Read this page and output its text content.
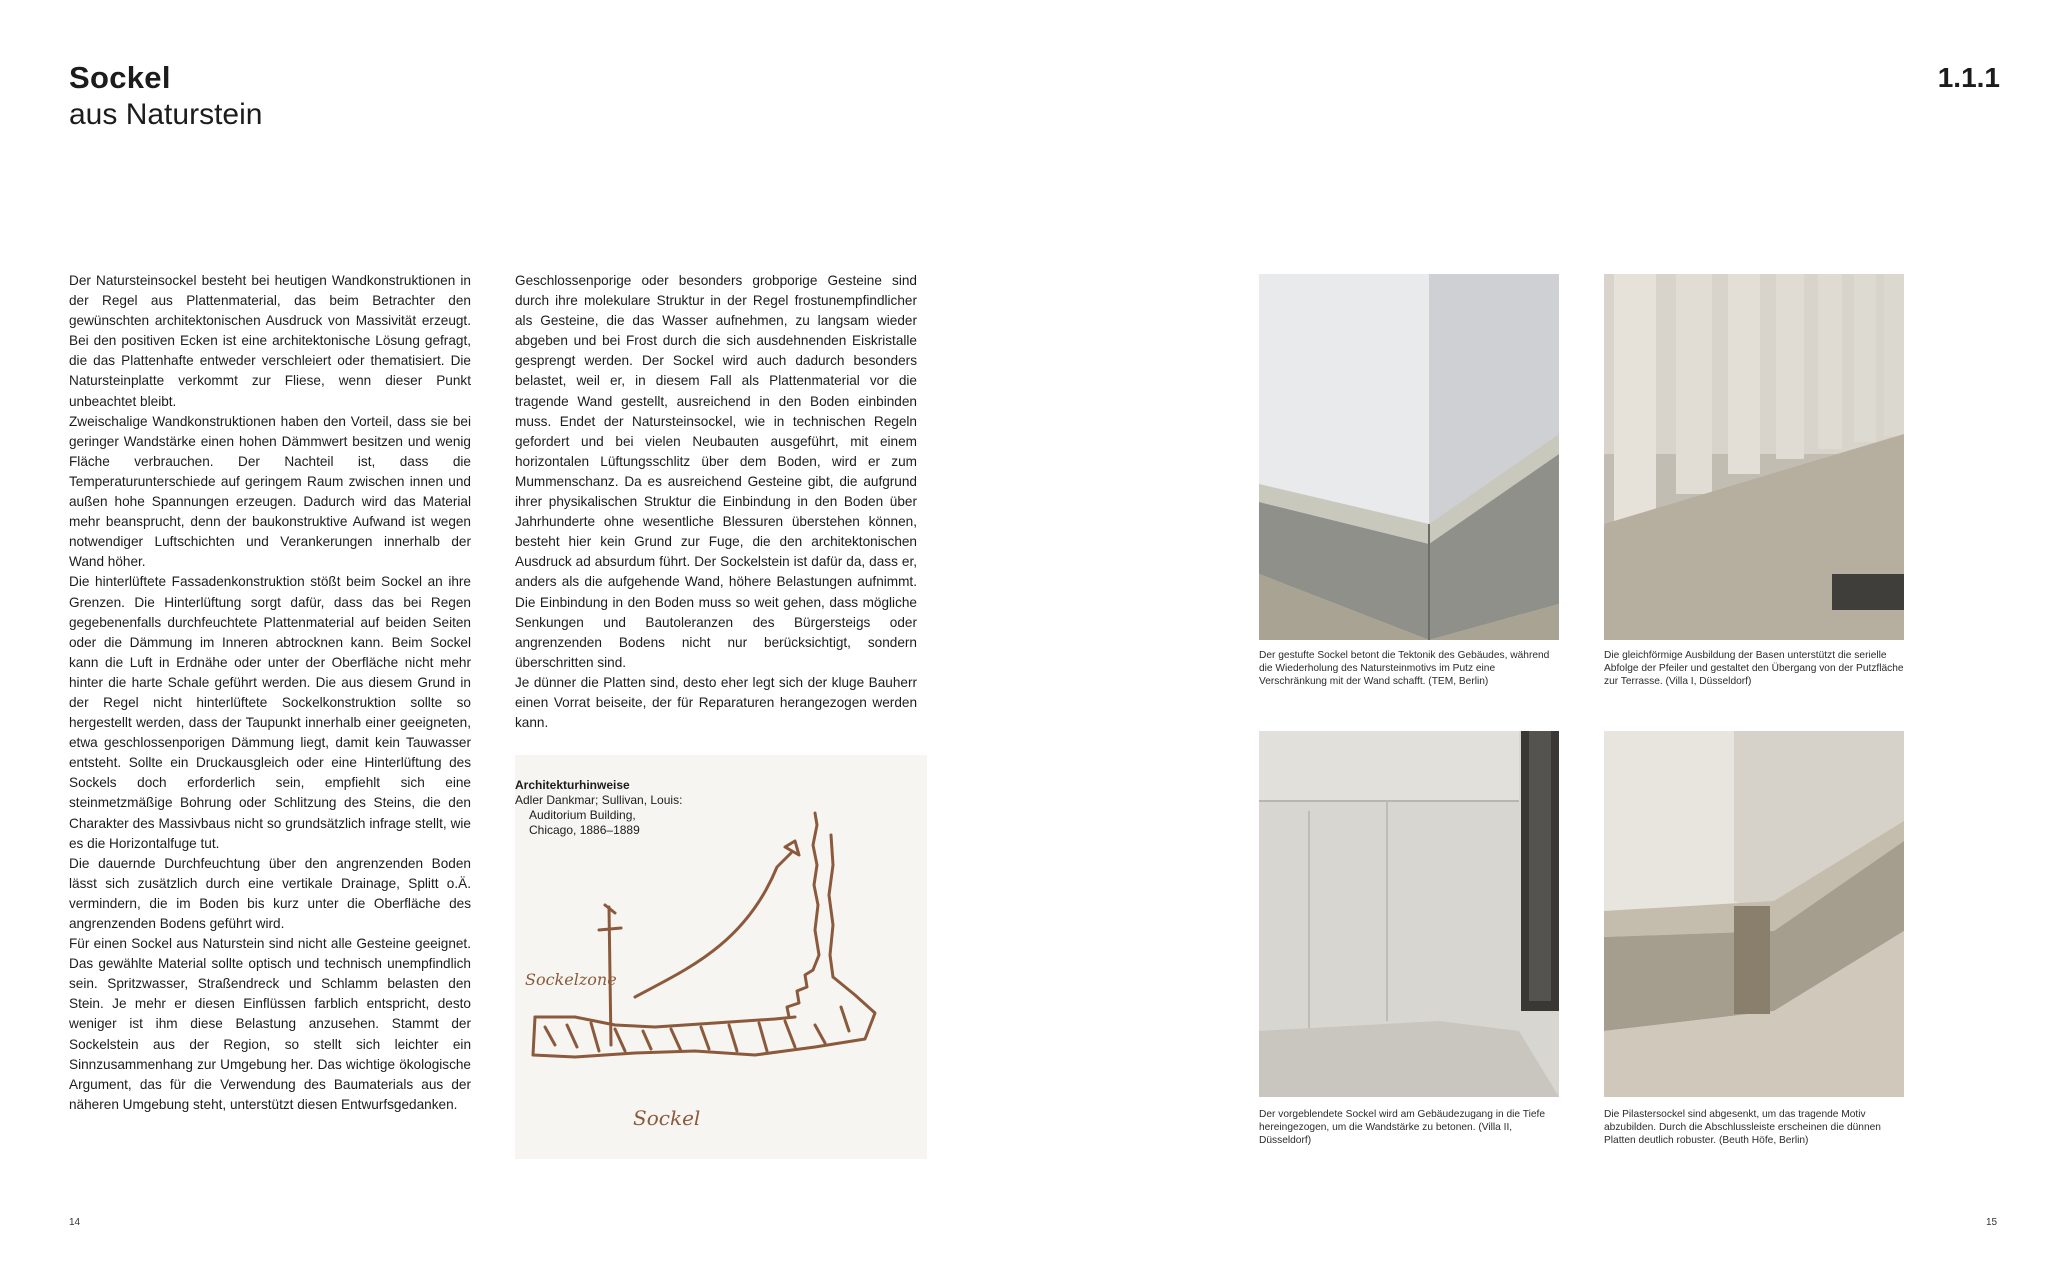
Sockel
aus Naturstein
1.1.1

Der Natursteinsockel besteht bei heutigen Wandkonstruktionen in der Regel aus Plattenmaterial, das beim Betrachter den gewünschten architektonischen Ausdruck von Massivität erzeugt. Bei den positiven Ecken ist eine architektonische Lösung gefragt, die das Plattenhafte entweder verschleiert oder thematisiert. Die Natursteinplatte verkommt zur Fliese, wenn dieser Punkt unbeachtet bleibt.

Zweischalige Wandkonstruktionen haben den Vorteil, dass sie bei geringer Wandstärke einen hohen Dämmwert besitzen und wenig Fläche verbrauchen. Der Nachteil ist, dass die Temperaturunterschiede auf geringem Raum zwischen innen und außen hohe Spannungen erzeugen. Dadurch wird das Material mehr beansprucht, denn der baukonstruktive Aufwand ist wegen notwendiger Luftschichten und Verankerungen innerhalb der Wand höher.

Die hinterlüftete Fassadenkonstruktion stößt beim Sockel an ihre Grenzen. Die Hinterlüftung sorgt dafür, dass das bei Regen gegebenenfalls durchfeuchtete Plattenmaterial auf beiden Seiten oder die Dämmung im Inneren abtrocknen kann. Beim Sockel kann die Luft in Erdnähe oder unter der Oberfläche nicht mehr hinter die harte Schale geführt werden. Die aus diesem Grund in der Regel nicht hinterlüftete Sockelkonstruktion sollte so hergestellt werden, dass der Taupunkt innerhalb einer geeigneten, etwa geschlossenporigen Dämmung liegt, damit kein Tauwasser entsteht. Sollte ein Druckausgleich oder eine Hinterlüftung des Sockels doch erforderlich sein, empfiehlt sich eine steinmetzmäßige Bohrung oder Schlitzung des Steins, die den Charakter des Massivbaus nicht so grundsätzlich infrage stellt, wie es die Horizontalfuge tut.

Die dauernde Durchfeuchtung über den angrenzenden Boden lässt sich zusätzlich durch eine vertikale Drainage, Splitt o.Ä. vermindern, die im Boden bis kurz unter die Oberfläche des angrenzenden Bodens geführt wird.

Für einen Sockel aus Naturstein sind nicht alle Gesteine geeignet. Das gewählte Material sollte optisch und technisch unempfindlich sein. Spritzwasser, Straßendreck und Schlamm belasten den Stein. Je mehr er diesen Einflüssen farblich entspricht, desto weniger ist ihm diese Belastung anzusehen. Stammt der Sockelstein aus der Region, so stellt sich leichter ein Sinnzusammenhang zur Umgebung her. Das wichtige ökologische Argument, das für die Verwendung des Baumaterials aus der näheren Umgebung steht, unterstützt diesen Entwurfsgedanken.

Geschlossenporige oder besonders grobporige Gesteine sind durch ihre molekulare Struktur in der Regel frostunempfindlicher als Gesteine, die das Wasser aufnehmen, zu langsam wieder abgeben und bei Frost durch die sich ausdehnenden Eiskristalle gesprengt werden. Der Sockel wird auch dadurch besonders belastet, weil er, in diesem Fall als Plattenmaterial vor die tragende Wand gestellt, ausreichend in den Boden einbinden muss. Endet der Natursteinsockel, wie in technischen Regeln gefordert und bei vielen Neubauten ausgeführt, mit einem horizontalen Lüftungsschlitz über dem Boden, wird er zum Mummenschanz. Da es ausreichend Gesteine gibt, die aufgrund ihrer physikalischen Struktur die Einbindung in den Boden über Jahrhunderte ohne wesentliche Blessuren überstehen können, besteht hier kein Grund zur Fuge, die den architektonischen Ausdruck ad absurdum führt. Der Sockelstein ist dafür da, dass er, anders als die aufgehende Wand, höhere Belastungen aufnimmt. Die Einbindung in den Boden muss so weit gehen, dass mögliche Senkungen und Bautoleranzen des Bürgersteigs oder angrenzenden Bodens nicht nur berücksichtigt, sondern überschritten sind.

Je dünner die Platten sind, desto eher legt sich der kluge Bauherr einen Vorrat beiseite, der für Reparaturen herangezogen werden kann.

Sockelzone
Sockel
Architekturhinweise
Adler Dankmar; Sullivan, Louis:
Auditorium Building,
Chicago, 1886–1889
Der gestufte Sockel betont die Tektonik des Gebäudes, während die Wiederholung des Natursteinmotivs im Putz eine Verschränkung mit der Wand schafft. (TEM, Berlin)
Die gleichförmige Ausbildung der Basen unterstützt die serielle Abfolge der Pfeiler und gestaltet den Übergang von der Putzfläche zur Terrasse. (Villa I, Düsseldorf)
Der vorgeblendete Sockel wird am Gebäudezugang in die Tiefe hereingezogen, um die Wandstärke zu betonen. (Villa II, Düsseldorf)
Die Pilastersockel sind abgesenkt, um das tragende Motiv abzubilden. Durch die Abschlussleiste erscheinen die dünnen Platten deutlich robuster. (Beuth Höfe, Berlin)
14	15
